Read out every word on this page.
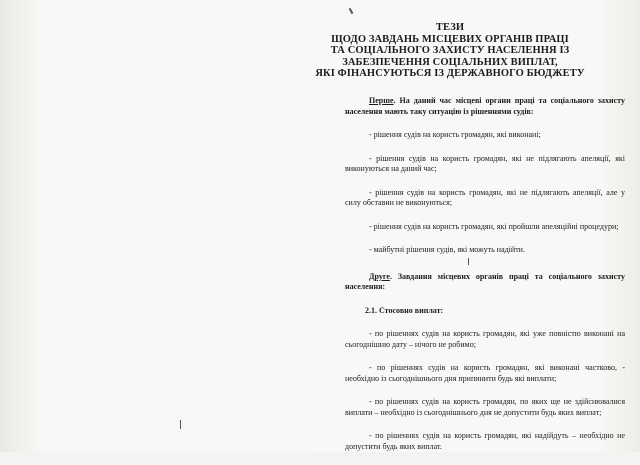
ТЕЗИ
ЩОДО ЗАВДАНЬ МІСЦЕВИХ ОРГАНІВ ПРАЦІ
ТА СОЦІАЛЬНОГО ЗАХИСТУ НАСЕЛЕННЯ ІЗ
ЗАБЕЗПЕЧЕННЯ СОЦІАЛЬНИХ ВИПЛАТ,
ЯКІ ФІНАНСУЮТЬСЯ ІЗ ДЕРЖАВНОГО БЮДЖЕТУ

Перше. На даний час місцеві органи праці та соціального захисту населення мають таку ситуацію із рішеннями судів:

- рішення судів на користь громадян, які виконані;

- рішення судів на користь громадян, які не підлягають апеляції, які виконуються на даний час;

- рішення судів на користь громадян, які не підлягають апеляції, але у силу обставин не виконуються;

- рішення судів на користь громадян, які пройшли апеляційні процедури;

- майбутні рішення судів, які можуть надійти.

Друге. Завдання місцевих органів праці та соціального захисту населення:

2.1. Стосовно виплат:

- по рішеннях судів на користь громадян, які уже повністю виконані на сьогоднішню дату – нічого не робимо;

- по рішеннях судів на користь громадян, які виконані частково, - необхідно із сьогоднішнього дня припинити будь які виплати;

- по рішеннях судів на користь громадян, по яких ще не здійснювалися виплати – необхідно із сьогоднішнього дня не допустити будь яких виплат;

- по рішеннях судів на користь громадян, які надійдуть – необхідно не допустити будь яких виплат.
